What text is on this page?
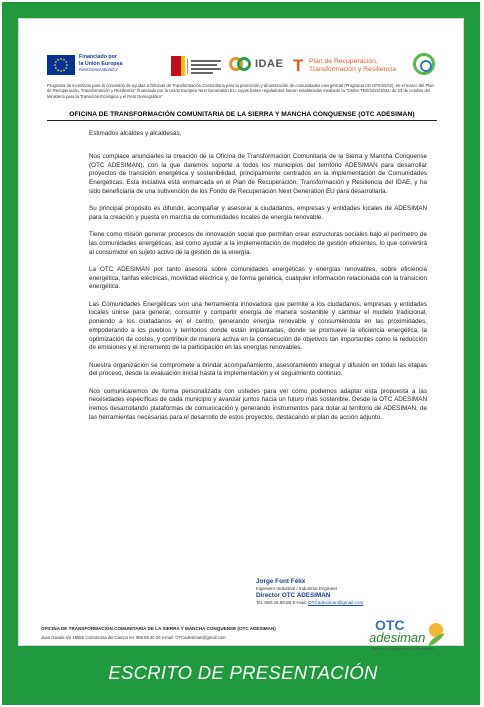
Financiado por
la Unión Europea
NextGenerationEU	IDAE T Plan de Recuperación,
Transformación y Resiliencia
Programa de incentivos para la concesión de ayudas a Oficinas de Transformación Comunitaria para la promoción y dinamización de comunidades energéticas (Programa CE OFICINAS), en el marco del Plan de Recuperación, Transformación y Resiliencia" financiado por la Unión Europea Next Generation EU, cuyas bases reguladoras fueron establecidas mediante la "Orden TED/1021/2022, de 23 de octubre del Ministerio para la Transición Ecológica y el Reto Demográfico"
OFICINA DE TRANSFORMACIÓN COMUNITARIA DE LA SIERRA Y MANCHA CONQUENSE (OTC ADESIMAN)

Estimados alcaldes y alcaldesas,

Nos complace anunciarles la creación de la Oficina de Transformación Comunitaria de la Sierra y Mancha Conquense (OTC ADESIMAN), con la que daremos soporte a todos los municipios del territorio ADESIMAN para desarrollar proyectos de transición energética y sostenibilidad, principalmente centrados en la implementación de Comunidades Energéticas. Esta iniciativa está enmarcada en el Plan de Recuperación, Transformación y Resiliencia del IDAE, y ha sido beneficiaria de una subvención de los Fondo de Recuperación Next Generation EU para desarrollarla.

Su principal propósito es difundir, acompañar y asesorar a ciudadanos, empresas y entidades locales de ADESIMAN para la creación y puesta en marcha de comunidades locales de energía renovable.

Tiene como misión generar procesos de innovación social que permitan crear estructuras sociales bajo el perímetro de las comunidades energéticas, así como ayudar a la implementación de modelos de gestión eficientes, lo que convertirá al consumidor en sujeto activo de la gestión de la energía.

La OTC ADESIMAN por tanto asesora sobre comunidades energéticas y energías renovables, sobre eficiencia energética, tarifas eléctricas, movilidad eléctrica y, de forma genérica, cualquier información relacionada con la transición energética.

Las Comunidades Energéticas son una herramienta innovadora que permite a los ciudadanos, empresas y entidades locales unirse para generar, consumir y compartir energía de manera sostenible y cambiar el modelo tradicional, poniendo a los ciudadanos en el centro, generando energía renovable y consumiéndola en las proximidades, empoderando a los pueblos y territorios donde están implantadas, donde se promueve la eficiencia energética, la optimización de costes, y contribuir de manera activa en la consecución de objetivos tan importantes como la reducción de emisiones y el incremento de la participación en las energías renovables.

Nuestra organización se compromete a brindar acompañamiento, asesoramiento integral y difusión en todas las etapas del proceso, desde la evaluación inicial hasta la implementación y el seguimiento continuo.

Nos comunicaremos de forma personalizada con ustedes para ver cómo podemos adaptar esta propuesta a las necesidades específicas de cada municipio y avanzar juntos hacia un futuro más sostenible. Desde la OTC ADESIMAN iremos desarrollando plataformas de comunicación y generando instrumentos para dotar al territorio de ADESIMAN, de las herramientas necesarias para el desarrollo de estos proyectos, destacando el plan de acción adjunto.

Jorge Font Félix
Ingeniero Industrial / Industrial Engineer
Director OTC ADESIMAN
Tel. 650.26.59.86 E-mail: OTCadesiman@gmail.com
OFICINA DE TRANSFORMACIÓN COMUNITARIA DE LA SIERRA Y MANCHA CONQUENSE (OTC ADESIMAN)
Juan Gavala s/n 16555 Carrascosa del Campo tel. 969.69.40.20 e-mail: OTCadesiman@gmail.com
OTC
adesiman
Oficina de Transformación Comunitaria
ESCRITO DE PRESENTACIÓN
